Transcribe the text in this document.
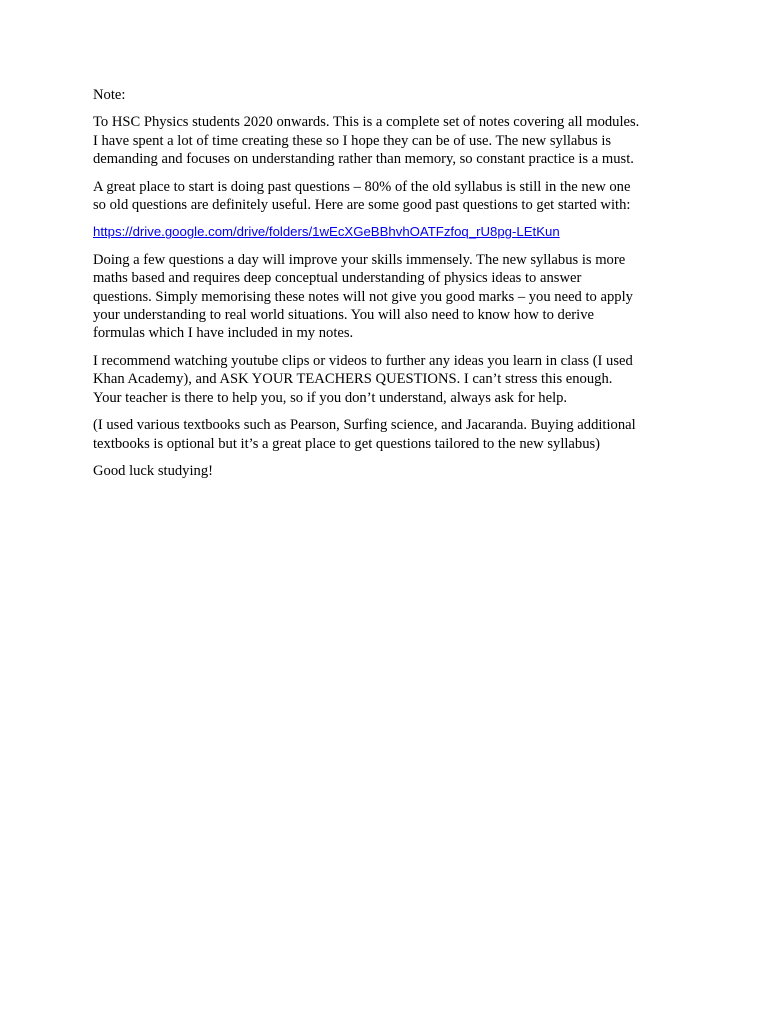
Note:

To HSC Physics students 2020 onwards. This is a complete set of notes covering all modules.
I have spent a lot of time creating these so I hope they can be of use. The new syllabus is
demanding and focuses on understanding rather than memory, so constant practice is a must.

A great place to start is doing past questions – 80% of the old syllabus is still in the new one
so old questions are definitely useful. Here are some good past questions to get started with:

https://drive.google.com/drive/folders/1wEcXGeBBhvhOATFzfoq_rU8pg-LEtKun

Doing a few questions a day will improve your skills immensely. The new syllabus is more
maths based and requires deep conceptual understanding of physics ideas to answer
questions. Simply memorising these notes will not give you good marks – you need to apply
your understanding to real world situations. You will also need to know how to derive
formulas which I have included in my notes.

I recommend watching youtube clips or videos to further any ideas you learn in class (I used
Khan Academy), and ASK YOUR TEACHERS QUESTIONS. I can’t stress this enough.
Your teacher is there to help you, so if you don’t understand, always ask for help.

(I used various textbooks such as Pearson, Surfing science, and Jacaranda. Buying additional
textbooks is optional but it’s a great place to get questions tailored to the new syllabus)

Good luck studying!
